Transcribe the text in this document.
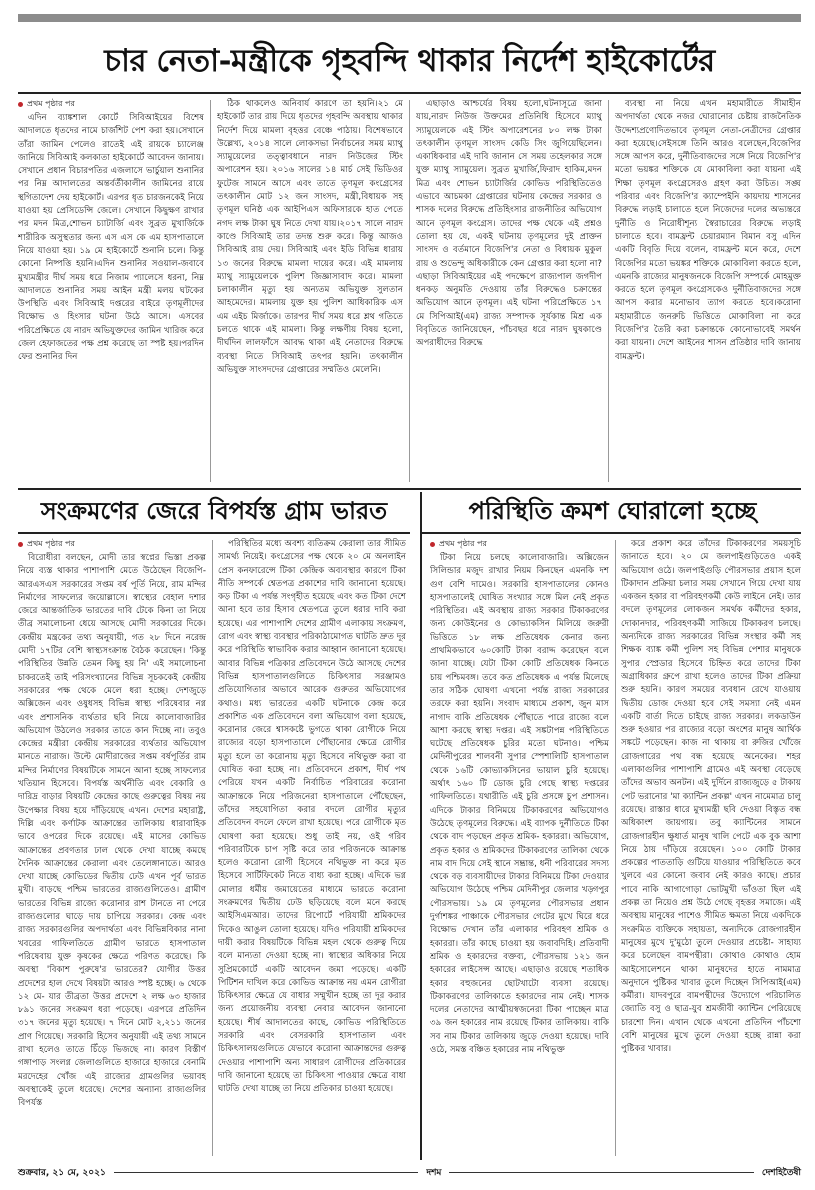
চার নেতা-মন্ত্রীকে গৃহবন্দি থাকার নির্দেশ হাইকোর্টের
প্রথম পৃষ্ঠার পর

এদিন ব্যাঙ্কশাল কোর্টে সিবিআইয়ের বিশেষ আদালতে ধৃতদের নামে চার্জশিট পেশ করা হয়।সেখানে তাঁরা জামিন পেলেও রাতেই এই রায়কে চ্যালেঞ্জ জানিয়ে সিবিআই কলকাতা হাইকোর্টে আবেদন জানায়।সেখানে প্রধান বিচারপতির এজলাসে ভার্চুয়াল শুনানির পর নিম্ন আদালতের অন্তর্বর্তীকালীন জামিনের রায়ে স্থগিতাদেশ দেয় হাইকোর্ট। এরপর ধৃত চারজনকেই নিয়ে যাওয়া হয় প্রেসিডেন্সি জেলে। সেখানে কিছুক্ষণ রাখার পর মদন মিত্র,শোভন চ্যাটার্জি এবং সুব্রত মুখার্জিকে শারীরিক অসুস্থতার জন্য এস এস কে এম হাসপাতালে নিয়ে যাওয়া হয়। ১৯ মে হাইকোর্টে শুনানি চলে। কিন্তু কোনো নিষ্পত্তি হয়নি।এদিন শুনানির সওয়াল-জবাবে মুখ্যমন্ত্রীর দীর্ঘ সময় ধরে নিজাম প্যালেসে ধরনা, নিম্ন আদালতে শুনানির সময় আইন মন্ত্রী মলয় ঘটকের উপস্থিতি এবং সিবিআই দপ্তরের বাইরে তৃণমূলীদের বিক্ষোভ ও হিংসার ঘটনা উঠে আসে। এসবের পরিপ্রেক্ষিতে যে নারদ অভিযুক্তদের জামিন খারিজ করে জেল হেফাজতের পক্ষ প্রশ্ন করেছে তা স্পষ্ট হয়।পরদিন ফের শুনানির দিন

ঠিক থাকলেও অনিবার্য কারণে তা হয়নি।২১ মে হাইকোর্ট তার রায় দিয়ে ধৃতদের গৃহবন্দি অবস্থায় থাকার নির্দেশ দিয়ে মামলা বৃহত্তর বেঞ্চে পাঠায়। বিশেষভাবে উল্লেখ্য, ২০১৪ সালে লোকসভা নির্বাচনের সময় ম্যাথু স্যামুয়েলের তত্ত্বাবধানে নারদ নিউজের স্টিং অপারেশন হয়। ২০১৬ সালের ১৪ মার্চ সেই ভিডিওর ফুটেজ সামনে আসে এবং তাতে তৃণমূল কংগ্রেসের তৎকালীন মোট ১২ জন সাংসদ, মন্ত্রী,বিধায়ক সহ তৃণমূল ঘনিষ্ঠ এক আইপিএস অফিসারকে হাত পেতে নগদ লক্ষ টাকা ঘুষ নিতে দেখা যায়।২০১৭ সালে নারদ কাণ্ডে সিবিআই তার তদন্ত শুরু করে। কিন্তু আজও সিবিআই রায় দেয়। সিবিআই এবং ইডি বিভিন্ন ধারায় ১৩ জনের বিরুদ্ধে মামলা দায়ের করে। এই মামলায় ম্যাথু স্যামুয়েলকে পুলিশ জিজ্ঞাসাবাদ করে। মামলা চলাকালীন মৃত্যু হয় অন্যতম অভিযুক্ত সুলতান আহমেদের। মামলায় যুক্ত হয় পুলিশ আধিকারিক এস এম এইচ মির্জাকে। তারপর দীর্ঘ সময় ধরে শ্লথ গতিতে চলতে থাকে এই মামলা। কিন্তু লক্ষণীয় বিষয় হলো, দীর্ঘদিন লালফাঁসে আবদ্ধ থাকা এই নেতাদের বিরুদ্ধে ব্যবস্থা নিতে সিবিআই তৎপর হয়নি। তৎকালীন অভিযুক্ত সাংসদদের গ্রেপ্তারের সম্মতিও মেলেনি।

এছাড়াও আশ্চর্যের বিষয় হলো,ঘটনাসূত্রে জানা যায়,নারদ নিউজ উক্তমের প্রতিনিধি হিসেবে ম্যাথু স্যামুয়েলকে এই স্টিং অপারেশনের ৮০ লক্ষ টাকা তৎকালীন তৃণমূল সাংসদ কেডি সিং জুগিয়েছিলেন।একাধিকবার এই দাবি জানান সে সময় তহেলকার সঙ্গে যুক্ত ম্যাথু স্যামুয়েল। সুব্রত মুখার্জি,ফিরাদ হাকিম,মদন মিত্র এবং শোভন চ্যাটার্জির কোভিড পরিস্থিতিতেও এভাবে আচমকা গ্রেপ্তারের ঘটনায় কেন্দ্রের সরকার ও শাসক দলের বিরুদ্ধে প্রতিহিংসার রাজনীতির অভিযোগ আনে তৃণমূল কংগ্রেস। তাদের পক্ষ থেকে এই প্রশ্নও তোলা হয় যে, একই ঘটনায় তৃণমূলের দুই প্রাক্তন সাংসদ ও বর্তমানে বিজেপি'র নেতা ও বিধায়ক মুকুল রায় ও শুভেন্দু অধিকারীকে কেন গ্রেপ্তার করা হলো না? এছাড়া সিবিআইয়ের এই পদক্ষেপে রাজ্যপাল জগদীপ ধনকড় অনুমতি দেওয়ায় তাঁর বিরুদ্ধেও চক্রান্তের অভিযোগ আনে তৃণমূল। এই ঘটনা পরিপ্রেক্ষিতে ১৭ মে সিপিআই(এম) রাজ্য সম্পাদক সূর্যকান্ত মিশ্র এক বিবৃতিতে জানিয়েছেন, পাঁচবছর ধরে নারদ ঘুষকাণ্ডে অপরাধীদের বিরুদ্ধে

ব্যবস্থা না নিয়ে এখন মহামারীতে সীমাহীন অপদার্থতা থেকে নজর ঘোরানোর চেষ্টায় রাজনৈতিক উদ্দেশ্যপ্রণোদিতভাবে তৃণমূল নেতা-নেত্রীদের গ্রেপ্তার করা হয়েছে।সেইসঙ্গে তিনি আরও বলেছেন,বিজেপির সঙ্গে আপস করে, দুর্নীতিবাজদের সঙ্গে নিয়ে বিজেপি'র মতো ভয়ঙ্কর শক্তিকে যে মোকাবিলা করা যায়না এই শিক্ষা তৃণমূল কংগ্রেসেরও গ্রহণ করা উচিত। সঙ্ঘ পরিবার এবং বিজেপি'র ক্যাম্পেইনি কায়দায় শাসনের বিরুদ্ধে লড়াই চালাতে হলে নিজেদের দলের অভ্যন্তরে দুর্নীতি ও নিরোধীশূন্য স্বৈরাচারের বিরুদ্ধে লড়াই চালাতে হবে। বামফ্রন্ট চেয়ারম্যান বিমান বসু এদিন একটি বিবৃতি দিয়ে বলেন, বামফ্রন্ট মনে করে, দেশে বিজেপির মতো ভয়ঙ্কর শক্তিকে মোকাবিলা করতে হলে, এমনকি রাজ্যের মানুষজনকে বিজেপি সম্পর্কে মোহমুক্ত করতে হলে তৃণমূল কংগ্রেসকেও দুর্নীতিবাজদের সঙ্গে আপস করার মনোভাব ত্যাগ করতে হবে।করোনা মহামারীতে জনরুচি ভিত্তিতে মোকাবিলা না করে বিজেপি'র তৈরি করা চক্রান্তকে কোনোভাবেই সমর্থন করা যায়না। দেশে আইনের শাসন প্রতিষ্ঠার দাবি জানায় বামফ্রন্ট।

সংক্রমণের জেরে বিপর্যস্ত গ্রাম ভারত
প্রথম পৃষ্ঠার পর

বিরোধীরা বলছেন, মোদী তার স্বপ্নের ভিস্তা প্রকল্প নিয়ে ব্যস্ত থাকার পাশাপাশি মেতে উঠেছেন বিজেপি-আরএসএস সরকারের সপ্তম বর্ষ পূর্তি নিয়ে, রাম মন্দির নির্মাণের সাফল্যের জয়োল্লাসে। স্বাস্থ্যের বেহাল দশার জেরে আন্তর্জাতিক ভারতের দাবি টেকে কিনা তা নিয়ে তীব্র সমালোচনা ধেয়ে আসছে মোদী সরকারের দিকে। কেন্দ্রীয় মন্ত্রকের তথ্য অনুযায়ী, গত ২৮ দিনে নরেন্দ্র মোদী ১৭টির বেশি স্বাস্থ্যসংক্রান্ত বৈঠক করেছেন। 'কিন্তু পরিস্থিতির উন্নতি তেমন কিছু হয় নি' এই সমালোচনা চাকরতেই তাই পরিসংখ্যানের বিভিন্ন সূচককেই কেন্দ্রীয় সরকারের পক্ষ থেকে মেলে ধরা হচ্ছে। দেশজুড়ে অক্সিজেন এবং ওষুধসহ বিভিন্ন স্বাস্থ্য পরিষেবার নগ্ন এবং প্রশাসনিক ব্যর্থতার ছবি নিয়ে কালোবাজারির অভিযোগ উঠলেও সরকার তাতে কান দিচ্ছে না। তবুও কেন্দ্রের মন্ত্রীরা কেন্দ্রীয় সরকারের ব্যর্থতার অভিযোগ মানতে নারাজ। উল্টে মোদীরাজের সপ্তম বর্ষপূর্তির রাম মন্দির নির্মাণের বিষয়টিকে সামনে আনা হচ্ছে সাফল্যের খতিয়ান হিসেবে। বিপর্যস্ত অর্থনীতি এবং বেকারি ও দারিদ্র বাড়ার বিষয়টি কেন্দ্রের কাছে গুরুত্বের বিষয় নয় উপেক্ষার বিষয় হয়ে দাঁড়িয়েছে এখন। দেশের মহারাষ্ট্র, দিল্লি এবং কর্ণাটক আক্রান্তের তালিকায় ধারাবাহিক ভাবে ওপরের দিকে রয়েছে। এই মাসের কোভিড আক্রান্তের প্রবণতার ঢাল থেকে দেখা যাচ্ছে কমছে দৈনিক আক্রান্তের কেরালা এবং তেলেঙ্গানাতে। আরও দেখা যাচ্ছে কোভিডের দ্বিতীয় ঢেউ এখন পূর্ব ভারত মুখী। বাড়ছে পশ্চিম ভারতের রাজ্যগুলিতেও। গ্রামীণ ভারতের বিভিন্ন রাজ্যে করোনার রাশ টানতে না পেরে রাজ্যগুলোর ঘাড়ে দায় চাপিয়ে সরকার। কেন্দ্র এবং রাজ্য সরকারগুলির অপদার্থতা এবং বিভিন্নবিকার নানা খবরের গাফিলতিতে গ্রামীণ ভারতে হাসপাতাল পরিষেবায় যুক্ত কৃষকের ক্ষেত্রে পরিণত করেছে। কি অবস্থা 'বিকাশ পুরুষে'র ভারতের? যোগীর উত্তর প্রদেশের হাল দেখে বিষয়টা আরও স্পষ্ট হচ্ছে। ৬ থেকে ১২ মে- যার তীব্রতা উত্তর প্রদেশে ২ লক্ষ ৬৩ হাজার ৮৯১ জনের সংক্রমণ ধরা পড়েছে। এরপরে প্রতিদিন ৩১৭ জনের মৃত্যু হয়েছে। ৭ দিনে মোট ২,২১১ জনের প্রাণ গিয়েছে। সরকারি হিসেব অনুযায়ী এই তথ্য সামনে রাখা হলেও তাতে চিঁড়ে ভিজছে না। কারণ বিস্তীর্ণ গঙ্গাপাড় সংলগ্ন জেলাগুলিতে হাজারে হাজারে বেনামি মরদেহের খোঁজ এই রাজ্যের গ্রামগুলির ভয়াবহ অবস্থাকেই তুলে ধরেছে। দেশের অন্যান্য রাজ্যগুলির বিপর্যস্ত

পরিস্থিতির মধ্যে অবশ্য ব্যতিক্রম কেরালা তার সীমিত সামর্থ্য নিয়েই। কংগ্রেসের পক্ষ থেকে ২০ মে অনলাইন প্রেস কনফারেন্সে টিকা কেন্দ্রিক অব্যবস্থার কারণে টিকা নীতি সম্পর্কে শ্বেতপত্র প্রকাশের দাবি জানানো হয়েছে। কড় টিকা এ পর্যন্ত সংগৃহীত হয়েছে এবং কত টিকা দেশে আনা হবে তার হিসাব শ্বেতপত্রে তুলে ধরার দাবি করা হয়েছে। এর পাশাপাশি দেশের গ্রামীণ এলাকায় সংক্রমণ, রোগ এবং স্বাস্থ্য ব্যবস্থার পরিকাঠামোগত ঘাটতি দ্রুত দূর করে পরিস্থিতি স্বাভাবিক করার আহ্বান জানানো হয়েছে। আবার বিভিন্ন পত্রিকার প্রতিবেদনে উঠে আসছে দেশের বিভিন্ন হাসপাতালগুলিতে চিকিৎসার সরঞ্জামও প্রতিযোগিতার অভাবে আরেক গুরুতর অভিযোগের কথাও। মধ্য ভারতের একটি ঘটনাকে কেন্দ্র করে প্রকাশিত এক প্রতিবেদনে বলা অভিযোগ বলা হয়েছে, করোনার জেরে শ্বাসকষ্টে ভুগতে থাকা রোগীকে নিয়ে রাজ্যের বড়ো হাসপাতালে পৌঁছানোর ক্ষেত্রে রোগীর মৃত্যু হলে তা করোনায় মৃত্যু হিসেবে নথিভুক্ত করা বা ঘোষিত করা হচ্ছে না। প্রতিবেদনে প্রকাশ, দীর্ঘ পথ পেরিয়ে যখন একটি নির্বাচিত পরিবারের করোনা আক্রান্তকে নিয়ে পরিজনেরা হাসপাতালে পৌঁছেছেন, তাঁদের সহযোগিতা করার বদলে রোগীর মৃত্যুর প্রতিবেদন বদলে ফেলে রাখা হয়েছে। পরে রোগীকে মৃত ঘোষণা করা হয়েছে। শুধু তাই নয়, ওই গরিব পরিবারটিকে চাপ সৃষ্টি করে তার পরিজনকে আক্রান্ত হলেও করোনা রোগী হিসেবে নথিভুক্ত না করে মৃত হিসেবে সার্টিফিকেট নিতে বাধ্য করা হচ্ছে। এদিকে ভগ্ন মোলার ধর্মীয় জমায়েতের মাধ্যমে ভারতে করোনা সংক্রমণের দ্বিতীয় ঢেউ ছড়িয়েছে বলে মনে করছে আইসিএমআর। তাদের রিপোর্টে পরিযায়ী শ্রমিকদের দিকেও আঙুল তোলা হয়েছে। যদিও পরিযায়ী শ্রমিকদের দায়ী করার বিষয়টিকে বিভিন্ন মহল থেকে গুরুত্ব দিয়ে বলে মান্যতা দেওয়া হচ্ছে না। স্বাস্থ্যের অধিকার নিয়ে সুপ্রিমকোর্টে একটি আবেদন জমা পড়েছে। একটি পিটিশন দাখিল করে কোভিড আক্রান্ত নয় এমন রোগীরা চিকিৎসার ক্ষেত্রে যে বাধার সম্মুখীন হচ্ছে তা দূর করার জন্য প্রয়োজনীয় ব্যবস্থা নেবার আবেদন জানানো হয়েছে। শীর্ষ আদালতের কাছে, কোভিড পরিস্থিতিতে সরকারি এবং বেসরকারি হাসপাতাল এবং চিকিৎসালয়গুলিতে যেভাবে করোনা আক্রান্তদের গুরুত্ব দেওয়ার পাশাপাশি অন্য সাধারণ রোগীদের প্রতিকারের দাবি জানানো হয়েছে তা চিকিৎসা পাওয়ার ক্ষেত্রে বাধা ঘাটতি দেখা যাচ্ছে তা নিয়ে প্রতিকার চাওয়া হয়েছে।

পরিস্থিতি ক্রমশ ঘোরালো হচ্ছে
প্রথম পৃষ্ঠার পর

টিকা নিয়ে চলছে কালোবাজারি। অক্সিজেন সিলিন্ডার মজুদ রাখার নিয়ম কিনছেন এমনকি দশ গুণ বেশি দামেও। সরকারি হাসপাতালের কোনও হাসপাতালেই ঘোষিত সংখ্যার সঙ্গে মিল নেই প্রকৃত পরিস্থিতির। এই অবস্থায় রাজ্য সরকার টিকাকরণের জন্য কোউইনের ও কোভ্যাকসিন মিলিয়ে জরুরী ভিত্তিতে ১৮ লক্ষ প্রতিষেধক কেনার জন্য প্রাথমিকভাবে ৬০কোটি টাকা বরাদ্দ করেছেন বলে জানা যাচ্ছে। যেটা টিকা কোটি প্রতিষেধক কিনতে চায় পশ্চিমবঙ্গ। তবে কত প্রতিষেধক এ পর্যন্ত মিলেছে তার সঠিক ঘোষণা এখনো পর্যন্ত রাজ্য সরকারের তরফে করা হয়নি। সংবাদ মাধ্যমে প্রকাশ, জুন মাস নাগাদ বাকি প্রতিষেধক পৌঁছাতে পারে রাজ্যে বলে আশা করছে স্বাস্থ্য দপ্তর। এই সঙ্কটাপন্ন পরিস্থিতিতে ঘটেছে প্রতিষেধক চুরির মতো ঘটনাও। পশ্চিম মেদিনীপুরের শালবনী সুপার স্পেশালিটি হাসপাতাল থেকে ১৬টি কোভ্যাকসিনের ভায়াল চুরি হয়েছে। অর্থাৎ ১৬০ টি ডোজ চুরি গেছে স্বাস্থ্য দপ্তরের গাফিলতিতে। যথারীতি এই চুরি প্রসঙ্গে চুপ প্রশাসন। এদিকে টাকার বিনিময়ে টিকাকরণের অভিযোগও উঠেছে তৃণমূলের বিরুদ্ধে। এই ব্যাপক দুর্নীতিতে টিকা থেকে বাদ পড়ছেন প্রকৃত শ্রমিক- হকাররা। অভিযোগ, প্রকৃত হকার ও শ্রমিকদের টিকাকরণের তালিকা থেকে নাম বাদ দিয়ে সেই স্থানে সম্ভ্রান্ত, ধনী পরিবারের সদস্য থেকে বড় ব্যবসায়ীদের টাকার বিনিময়ে টিকা দেওয়ার অভিযোগ উঠেছে পশ্চিম মেদিনীপুর জেলার খড়্গপুর পৌরসভায়। ১৯ মে তৃণমূলের পৌরসভার প্রধান দুর্গাশঙ্কর পাঞ্চাকে পৌরসভার গেটের মুখে ঘিরে ধরে বিক্ষোভ দেখান তাঁর এলাকার পরিবহণ শ্রমিক ও হকাররা। তাঁর কাছে চাওয়া হয় জবাবদিহি। প্রতিবাদী শ্রমিক ও হকারদের বক্তব্য, পৌরসভায় ১২১ জন হকারের লাইসেন্স আছে। এছাড়াও রয়েছে শতাধিক হকার বহুজনের ছোটখাটো ব্যবসা রয়েছে। টিকাকরণের তালিকাতে হকারদের নাম নেই। শাসক দলের নেতাদের আত্মীয়স্বজনেরা টিকা পাচ্ছেন মাত্র ৩৯ জন হকারের নাম রয়েছে টিকার তালিকায়। বাকি সব নাম টিকার তালিকায় জুড়ে দেওয়া হয়েছে। দাবি ওঠে, সমস্ত বঞ্চিত হকারের নাম নথিভুক্ত

করে প্রকাশ করে তাঁদের টিকাকরণের সময়সূচি জানাতে হবে। ২০ মে জলপাইগুড়িতেও একই অভিযোগ ওঠে। জলপাইগুড়ি পৌরসভার প্রয়াস হলে টিকাদান প্রক্রিয়া চলার সময় সেখানে গিয়ে দেখা যায় একজন হকার বা পরিবহণকর্মী কেউ লাইনে নেই। তার বদলে তৃণমূলের লোকজন সমর্থক কর্মীদের হকার, দোকানদার, পরিবহণকর্মী সাজিয়ে টিকাকরণ চলছে। অন্যদিকে রাজ্য সরকারের বিভিন্ন সংস্থার কর্মী সহ শিক্ষক ব্যাঙ্ক কর্মী পুলিশ সহ বিভিন্ন পেশার মানুষকে সুপার স্প্রেডার হিসেবে চিহ্নিত করে তাদের টিকা অগ্রাধিকার গ্রুপে রাখা হলেও তাদের টিকা প্রক্রিয়া শুরু হয়নি। কারণ সময়ের ব্যবধান রেখে যাওয়ায় দ্বিতীয় ডোজ দেওয়া হবে সেই সমস্যা নেই এমন একটি বার্তা দিতে চাইছে রাজ্য সরকার। লকডাউন শুরু হওয়ার পর রাজ্যের বড়ো অংশের মানুষ আর্থিক সঙ্কটে পড়েছেন। কাজ না থাকায় বা রুজির খোঁজে রোজগারের পথ বন্ধ হয়েছে অনেকের। শহর এলাকাগুলির পাশাপাশি গ্রামেও এই অবস্থা বেড়েছে তাঁদের অভাব অনটন। এই দুর্দিনে রাজ্যজুড়ে ৫ টাকায় পেট ভরানোর 'মা ক্যান্টিন প্রকল্প' এখন নামেমাত্র চালু রয়েছে। রাস্তার ধারে মুখ্যমন্ত্রী ছবি দেওয়া বিস্তৃত বন্ধ অধিকাংশ জায়গায়। তবু ক্যান্টিনের সামনে রোজগারহীন ক্ষুধার্ত মানুষ খালি পেটে এক বুক আশা নিয়ে ঠায় দাঁড়িয়ে রয়েছেন। ১০০ কোটি টাকার প্রকল্পের পাততাড়ি গুটিয়ে যাওয়ার পরিস্থিতিতে কবে খুলবে এর কোনো জবাব নেই কারও কাছে। প্রচার পাবে নাকি আগাগোড়া ভোটমুখী ভাঁওতা ছিল এই প্রকল্প তা নিয়েও প্রশ্ন উঠে গেছে বৃহত্তর সমাজে। এই অবস্থায় মানুষের পাশেও সীমিত ক্ষমতা নিয়ে একদিকে সংক্রমিত ব্যক্তিকে সহায়তা, অন্যদিকে রোজগারহীন মানুষের মুখে দু'মুঠো তুলে দেওয়ার প্রচেষ্টা- সাহায্য করে চলেছেন বামপন্থীরা। কোথাও কোথাও হোম আইসোলেশনে থাকা মানুষদের হাতে নামমাত্র অনুদানে পুষ্টিকর খাবার তুলে দিচ্ছেন সিপিআই(এম) কর্মীরা। যাদবপুরে বামপন্থীদের উদ্যোগে পরিচালিত জ্যোতি বসু ও ছাত্র-যুব শ্রমজীবী ক্যান্টিন পেরিয়েছে চারশো দিন। এখান থেকে এখনো প্রতিদিন পাঁচশো বেশি মানুষের মুখে তুলে দেওয়া হচ্ছে রান্না করা পুষ্টিকর খাবার।

শুক্রবার, ২১ মে, ২০২১	দশম	দেশহিতৈষী
